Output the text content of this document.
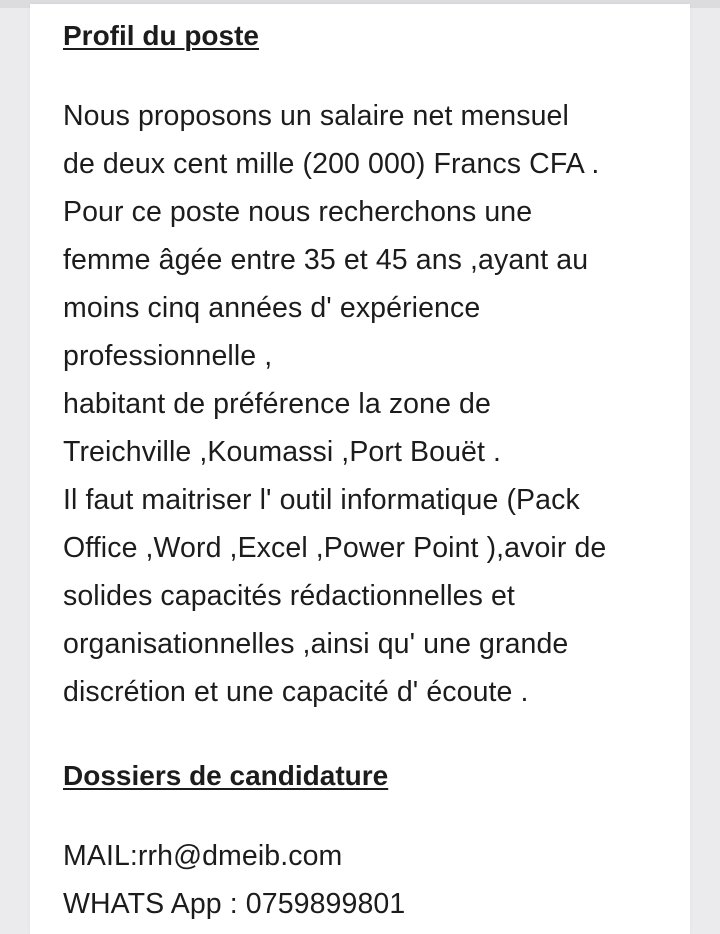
Profil du poste
Nous proposons un salaire net mensuel
de deux cent mille (200 000) Francs CFA .
Pour ce poste nous recherchons une
femme âgée entre 35 et 45 ans ,ayant au
moins cinq années d' expérience
professionnelle ,
habitant de préférence la zone de
Treichville ,Koumassi ,Port Bouët .
Il faut maitriser l' outil informatique (Pack
Office ,Word ,Excel ,Power Point ),avoir de
solides capacités rédactionnelles et
organisationnelles ,ainsi qu' une grande
discrétion et une capacité d' écoute .
Dossiers de candidature
MAIL:rrh@dmeib.com
WHATS App : 0759899801
